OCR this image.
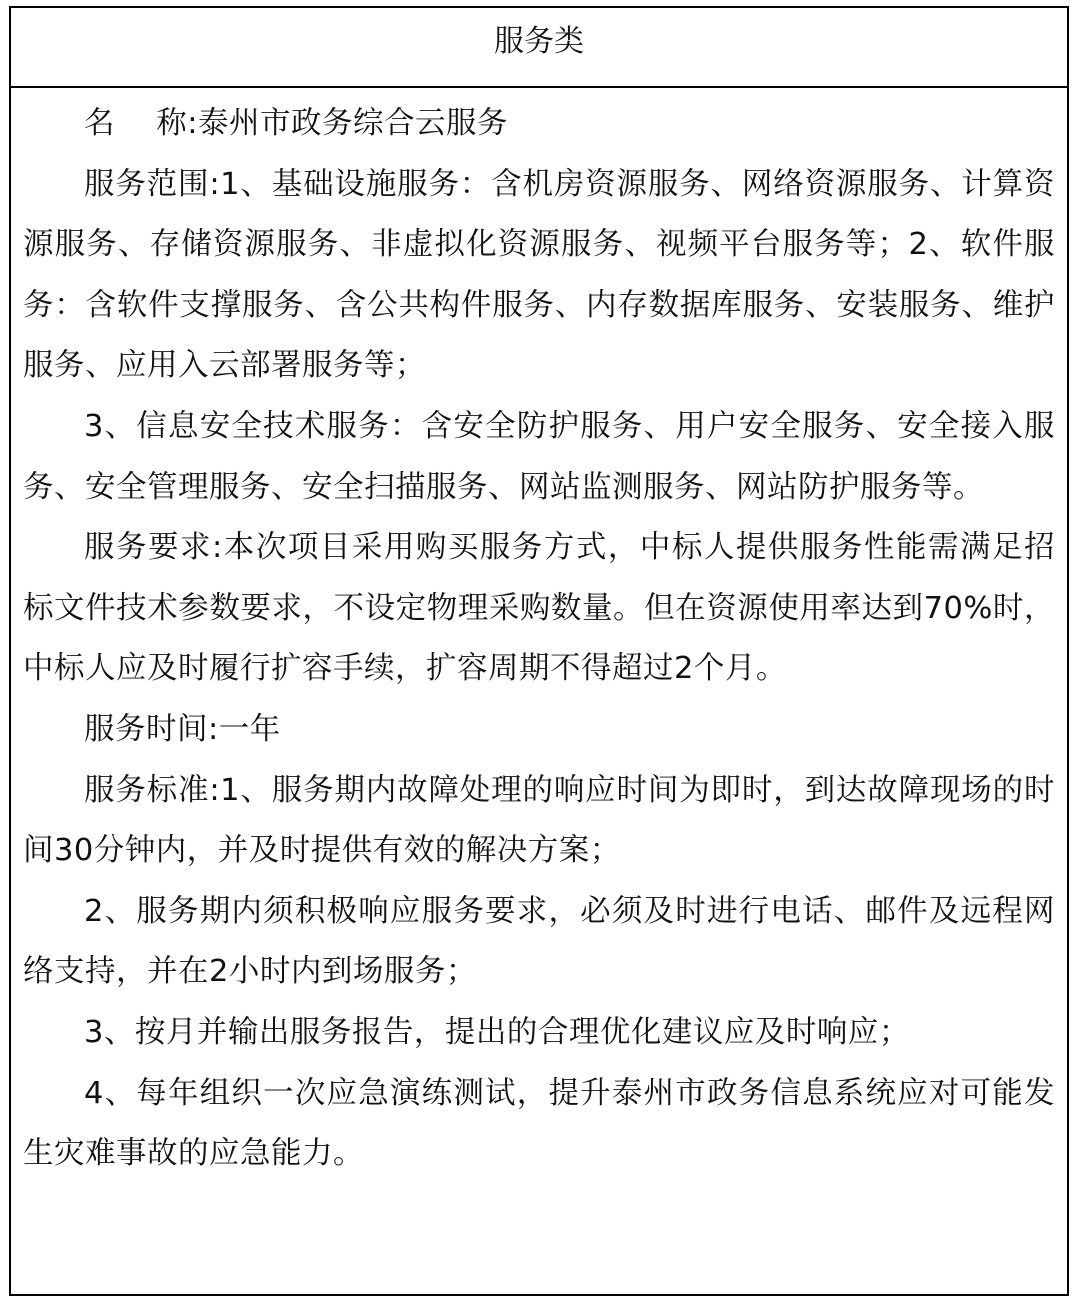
服务类

名　 称:泰州市政务综合云服务

服务范围:1、基础设施服务：含机房资源服务、网络资源服务、计算资源服务、存储资源服务、非虚拟化资源服务、视频平台服务等；2、软件服务：含软件支撑服务、含公共构件服务、内存数据库服务、安装服务、维护服务、应用入云部署服务等；

3、信息安全技术服务：含安全防护服务、用户安全服务、安全接入服务、安全管理服务、安全扫描服务、网站监测服务、网站防护服务等。

服务要求:本次项目采用购买服务方式，中标人提供服务性能需满足招标文件技术参数要求，不设定物理采购数量。但在资源使用率达到70%时，中标人应及时履行扩容手续，扩容周期不得超过2个月。

服务时间:一年

服务标准:1、服务期内故障处理的响应时间为即时，到达故障现场的时间30分钟内，并及时提供有效的解决方案；

2、服务期内须积极响应服务要求，必须及时进行电话、邮件及远程网络支持，并在2小时内到场服务；

3、按月并输出服务报告，提出的合理优化建议应及时响应；

4、每年组织一次应急演练测试，提升泰州市政务信息系统应对可能发生灾难事故的应急能力。
